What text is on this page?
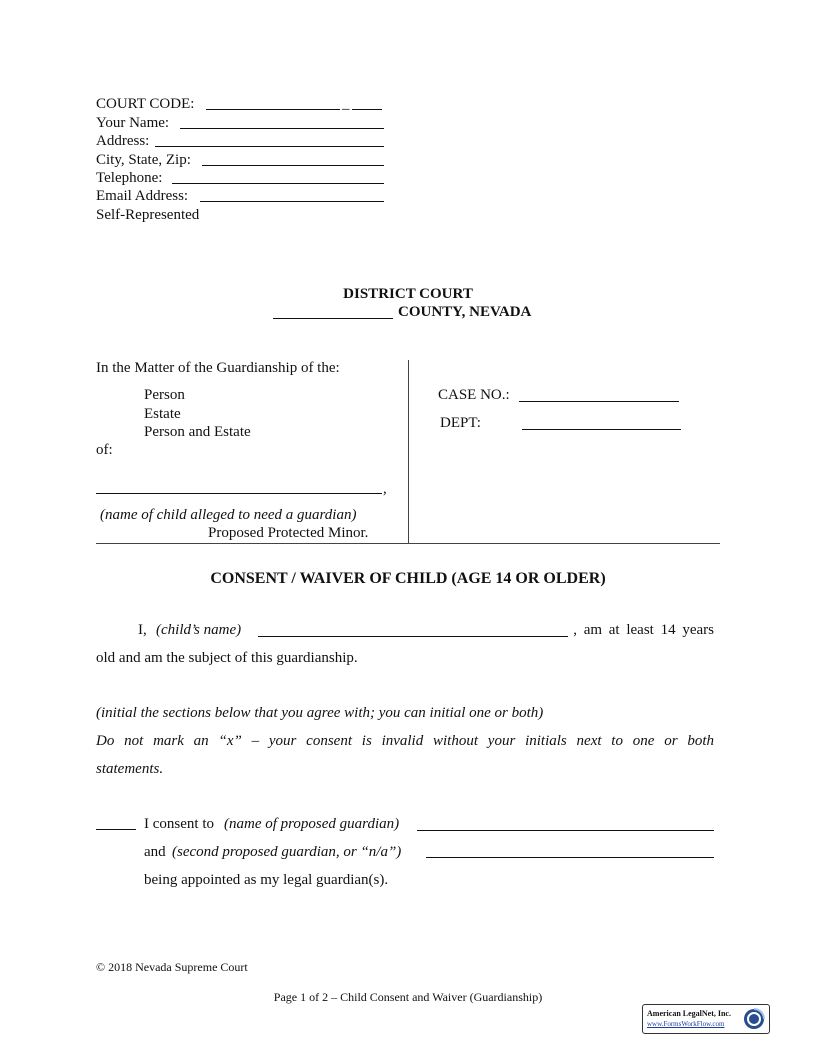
COURT CODE:	_
Your Name:
Address:
City, State, Zip:
Telephone:
Email Address:
Self-Represented
DISTRICT COURT
COUNTY, NEVADA
In the Matter of the Guardianship of the:
Person
Estate
Person and Estate
of:
,
(name of child alleged to need a guardian)
Proposed Protected Minor.
CASE NO.:
DEPT:
CONSENT / WAIVER OF CHILD (AGE 14 OR OLDER)
I, (child’s name)	, am at least 14 years
old and am the subject of this guardianship.
(initial the sections below that you agree with; you can initial one or both)
Do not mark an “x” – your consent is invalid without your initials next to one or both
statements.
I consent to (name of proposed guardian)
and (second proposed guardian, or “n/a”)
being appointed as my legal guardian(s).
© 2018 Nevada Supreme Court
Page 1 of 2 – Child Consent and Waiver (Guardianship)
American LegalNet, Inc.
www.FormsWorkFlow.com
